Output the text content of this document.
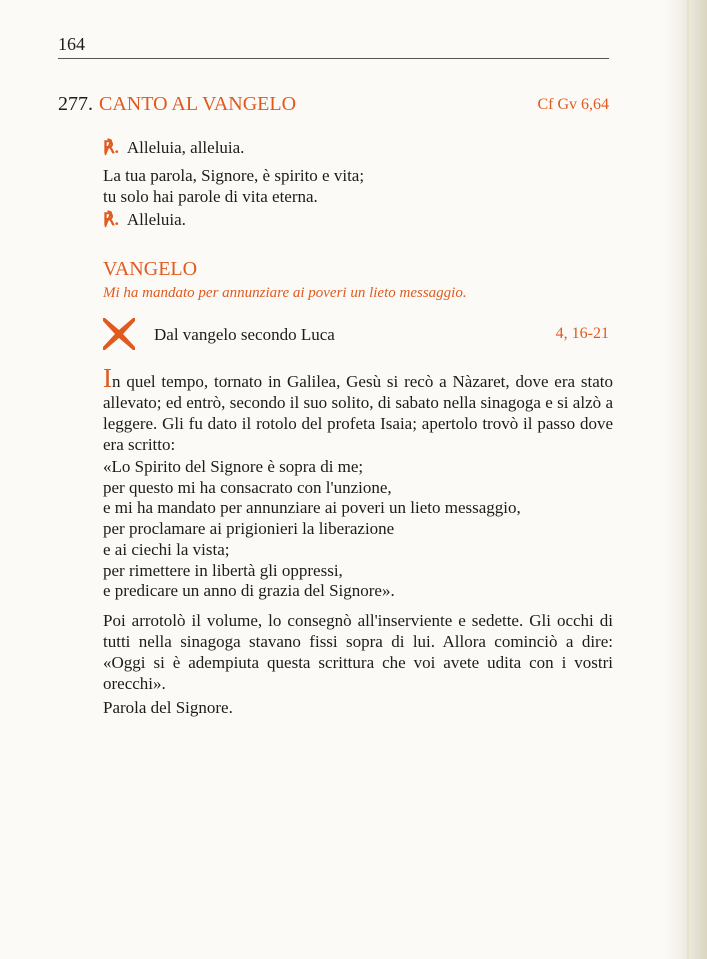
164
277. CANTO AL VANGELO	Cf Gv 6,64
℟. Alleluia, alleluia.
La tua parola, Signore, è spirito e vita;
tu solo hai parole di vita eterna.
℟. Alleluia.
VANGELO
Mi ha mandato per annunziare ai poveri un lieto messaggio.
Dal vangelo secondo Luca	4, 16-21

In quel tempo, tornato in Galilea, Gesù si recò a Nàzaret, dove era stato allevato; ed entrò, secondo il suo solito, di sabato nella sinagoga e si alzò a leggere. Gli fu dato il rotolo del profeta Isaia; apertolo trovò il passo dove era scritto:

«Lo Spirito del Signore è sopra di me;
per questo mi ha consacrato con l'unzione,
e mi ha mandato per annunziare ai poveri un lieto messaggio,
per proclamare ai prigionieri la liberazione
e ai ciechi la vista;
per rimettere in libertà gli oppressi,
e predicare un anno di grazia del Signore».

Poi arrotolò il volume, lo consegnò all'inserviente e sedette. Gli occhi di tutti nella sinagoga stavano fissi sopra di lui. Allora cominciò a dire: «Oggi si è adempiuta questa scrittura che voi avete udita con i vostri orecchi».

Parola del Signore.
